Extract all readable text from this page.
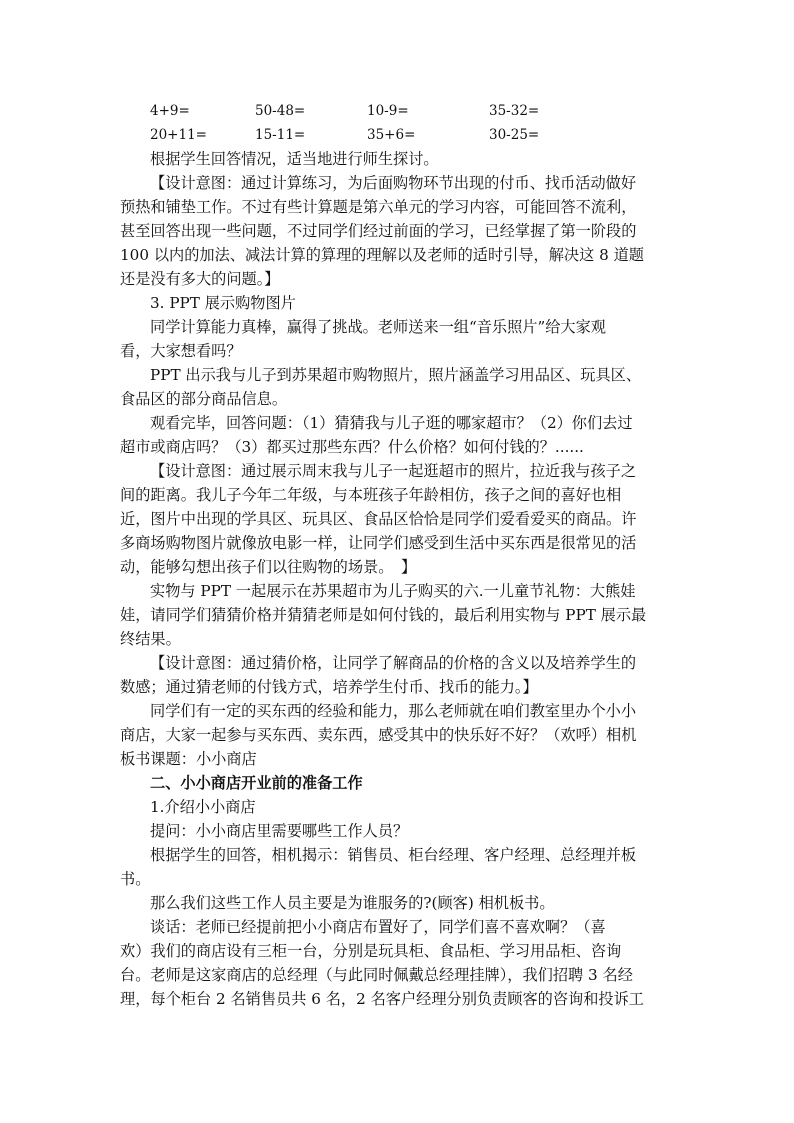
4+9=	50-48=	10-9=	35-32=
20+11=	15-11=	35+6=	30-25=
根据学生回答情况，适当地进行师生探讨。
【设计意图：通过计算练习，为后面购物环节出现的付币、找币活动做好
预热和铺垫工作。不过有些计算题是第六单元的学习内容，可能回答不流利，
甚至回答出现一些问题，不过同学们经过前面的学习，已经掌握了第一阶段的
100 以内的加法、减法计算的算理的理解以及老师的适时引导，解决这 8 道题
还是没有多大的问题。】
3. PPT 展示购物图片
同学计算能力真棒，赢得了挑战。老师送来一组“音乐照片”给大家观
看，大家想看吗？
PPT 出示我与儿子到苏果超市购物照片，照片涵盖学习用品区、玩具区、
食品区的部分商品信息。
观看完毕，回答问题：（1）猜猜我与儿子逛的哪家超市？（2）你们去过
超市或商店吗？（3）都买过那些东西？什么价格？如何付钱的？......
【设计意图：通过展示周末我与儿子一起逛超市的照片，拉近我与孩子之
间的距离。我儿子今年二年级，与本班孩子年龄相仿，孩子之间的喜好也相
近，图片中出现的学具区、玩具区、食品区恰恰是同学们爱看爱买的商品。许
多商场购物图片就像放电影一样，让同学们感受到生活中买东西是很常见的活
动，能够勾想出孩子们以往购物的场景。　】
实物与 PPT 一起展示在苏果超市为儿子购买的六.一儿童节礼物：大熊娃
娃，请同学们猜猜价格并猜猜老师是如何付钱的，最后利用实物与 PPT 展示最
终结果。
【设计意图：通过猜价格，让同学了解商品的价格的含义以及培养学生的
数感；通过猜老师的付钱方式，培养学生付币、找币的能力。】
同学们有一定的买东西的经验和能力，那么老师就在咱们教室里办个小小
商店，大家一起参与买东西、卖东西，感受其中的快乐好不好？（欢呼）相机
板书课题：小小商店
二、小小商店开业前的准备工作
1.介绍小小商店
提问：小小商店里需要哪些工作人员？
根据学生的回答，相机揭示：销售员、柜台经理、客户经理、总经理并板
书。
那么我们这些工作人员主要是为谁服务的?(顾客) 相机板书。
谈话：老师已经提前把小小商店布置好了，同学们喜不喜欢啊？（喜
欢）我们的商店设有三柜一台，分别是玩具柜、食品柜、学习用品柜、咨询
台。老师是这家商店的总经理（与此同时佩戴总经理挂牌），我们招聘 3 名经
理，每个柜台 2 名销售员共 6 名，2 名客户经理分别负责顾客的咨询和投诉工
